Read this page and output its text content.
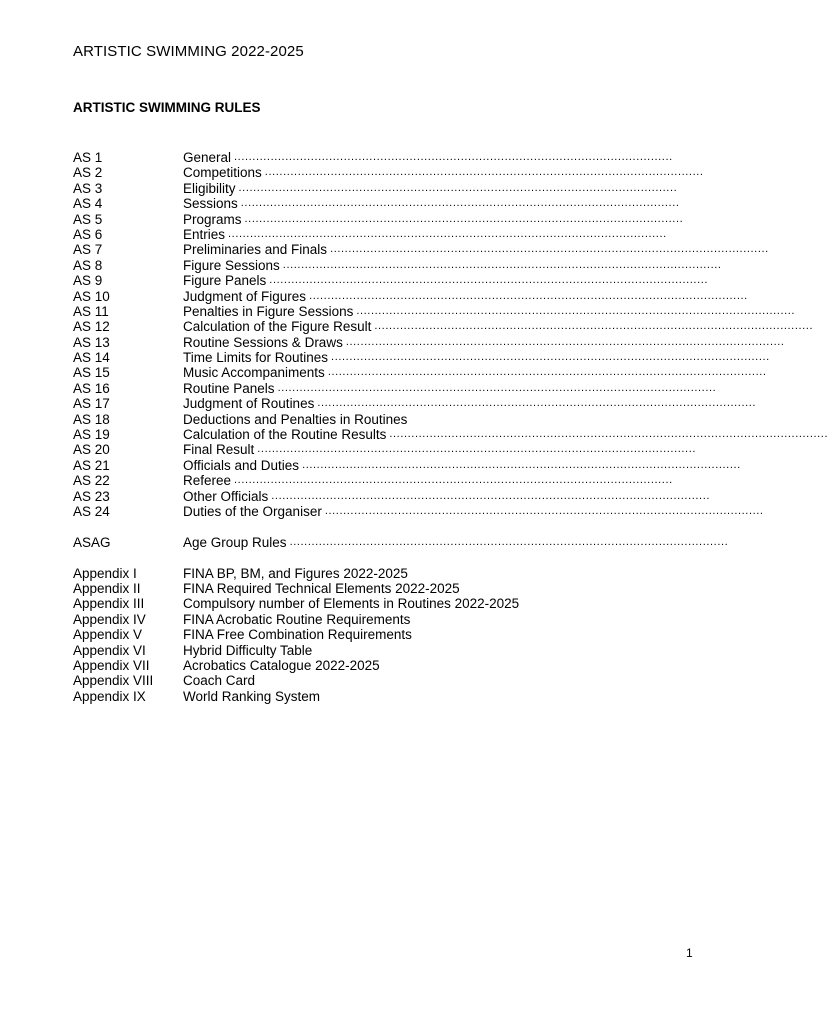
ARTISTIC SWIMMING 2022-2025
ARTISTIC SWIMMING RULES
AS 1	General ........................................................................................................................
AS 2	Competitions ........................................................................................................................
AS 3	Eligibility ........................................................................................................................
AS 4	Sessions ........................................................................................................................
AS 5	Programs ........................................................................................................................
AS 6	Entries ........................................................................................................................
AS 7	Preliminaries and Finals ........................................................................................................................
AS 8	Figure Sessions ........................................................................................................................
AS 9	Figure Panels ........................................................................................................................
AS 10	Judgment of Figures ........................................................................................................................
AS 11	Penalties in Figure Sessions ........................................................................................................................
AS 12	Calculation of the Figure Result ........................................................................................................................
AS 13	Routine Sessions & Draws ........................................................................................................................
AS 14	Time Limits for Routines ........................................................................................................................
AS 15	Music Accompaniments ........................................................................................................................
AS 16	Routine Panels ........................................................................................................................
AS 17	Judgment of Routines ........................................................................................................................
AS 18	Deductions and Penalties in Routines
AS 19	Calculation of the Routine Results ........................................................................................................................
AS 20	Final Result ........................................................................................................................
AS 21	Officials and Duties ........................................................................................................................
AS 22	Referee ........................................................................................................................
AS 23	Other Officials ........................................................................................................................
AS 24	Duties of the Organiser ........................................................................................................................
ASAG	Age Group Rules ........................................................................................................................
Appendix I	FINA BP, BM, and Figures 2022-2025
Appendix II	FINA Required Technical Elements 2022-2025
Appendix III	Compulsory number of Elements in Routines 2022-2025
Appendix IV	FINA Acrobatic Routine Requirements
Appendix V	FINA Free Combination Requirements
Appendix VI	Hybrid Difficulty Table
Appendix VII	Acrobatics Catalogue 2022-2025
Appendix VIII	Coach Card
Appendix IX	World Ranking System
1
